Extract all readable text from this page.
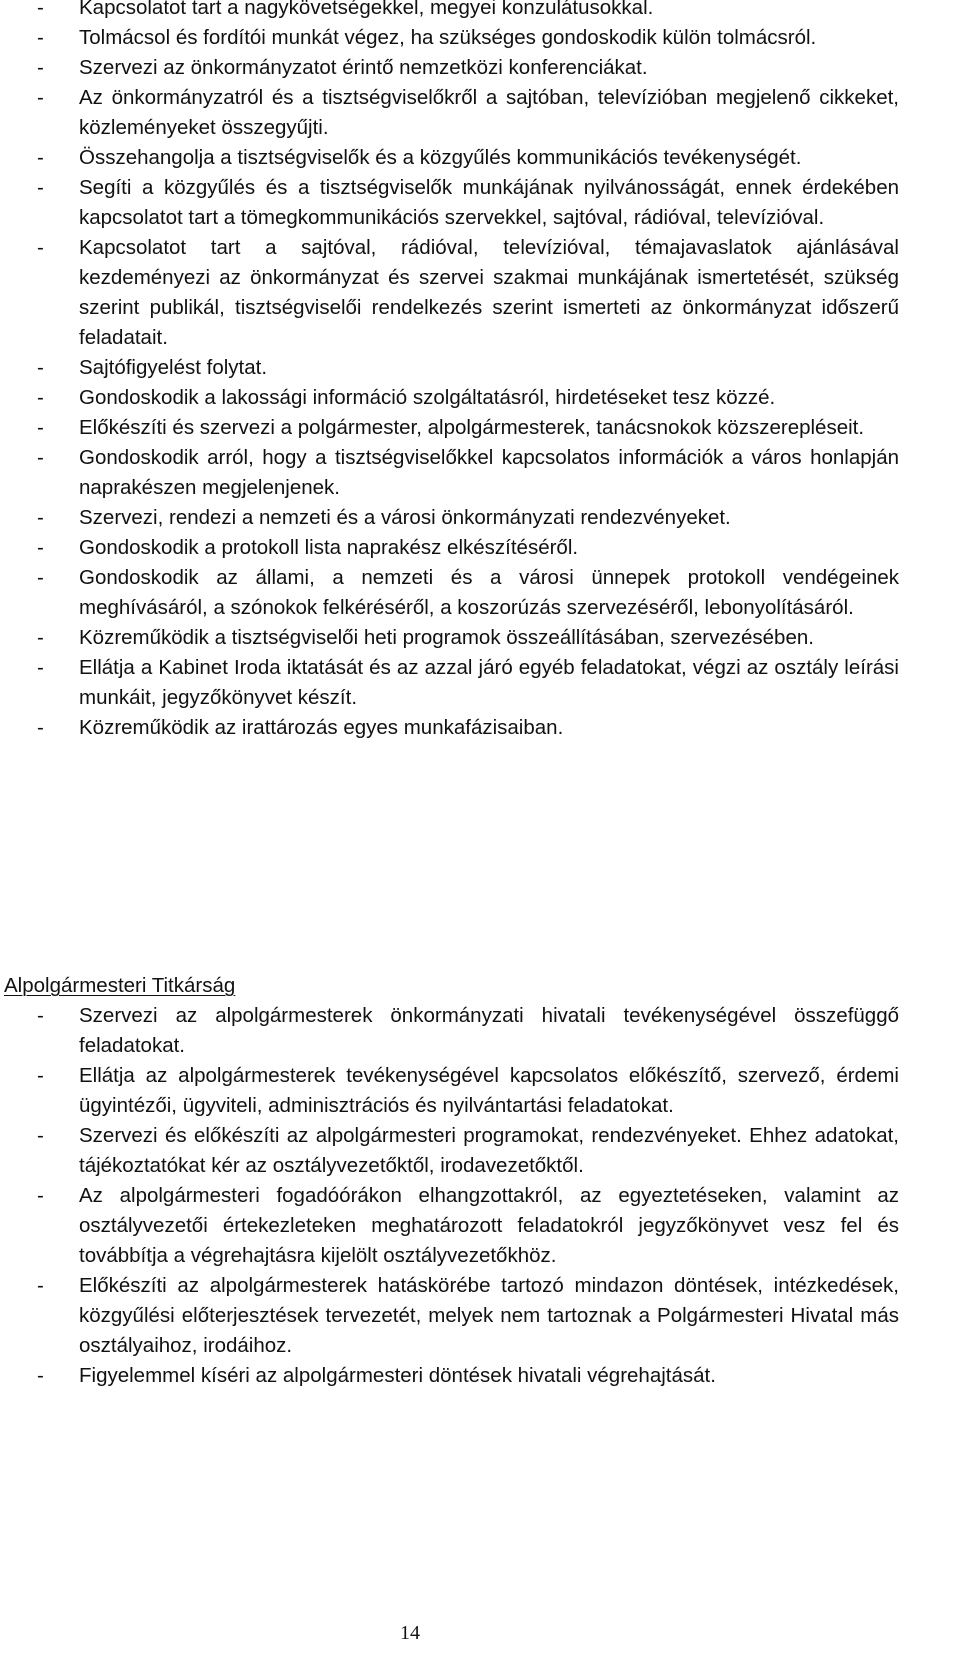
- Kapcsolatot tart a nagykövetségekkel, megyei konzulátusokkal.
- Tolmácsol és fordítói munkát végez, ha szükséges gondoskodik külön tolmácsról.
- Szervezi az önkormányzatot érintő nemzetközi konferenciákat.
- Az önkormányzatról és a tisztségviselőkről a sajtóban, televízióban megjelenő cikkeket, közleményeket összegyűjti.
- Összehangolja a tisztségviselők és a közgyűlés kommunikációs tevékenységét.
- Segíti a közgyűlés és a tisztségviselők munkájának nyilvánosságát, ennek érdekében kapcsolatot tart a tömegkommunikációs szervekkel, sajtóval, rádióval, televízióval.
- Kapcsolatot tart a sajtóval, rádióval, televízióval, témajavaslatok ajánlásával kezdeményezi az önkormányzat és szervei szakmai munkájának ismertetését, szükség szerint publikál, tisztségviselői rendelkezés szerint ismerteti az önkormányzat időszerű feladatait.
- Sajtófigyelést folytat.
- Gondoskodik a lakossági információ szolgáltatásról, hirdetéseket tesz közzé.
- Előkészíti és szervezi a polgármester, alpolgármesterek, tanácsnokok közszerepléseit.
- Gondoskodik arról, hogy a tisztségviselőkkel kapcsolatos információk a város honlapján naprakészen megjelenjenek.
- Szervezi, rendezi a nemzeti és a városi önkormányzati rendezvényeket.
- Gondoskodik a protokoll lista naprakész elkészítéséről.
- Gondoskodik az állami, a nemzeti és a városi ünnepek protokoll vendégeinek meghívásáról, a szónokok felkéréséről, a koszorúzás szervezéséről, lebonyolításáról.
- Közreműködik a tisztségviselői heti programok összeállításában, szervezésében.
- Ellátja a Kabinet Iroda iktatását és az azzal járó egyéb feladatokat, végzi az osztály leírási munkáit, jegyzőkönyvet készít.
- Közreműködik az irattározás egyes munkafázisaiban.
Alpolgármesteri Titkárság
- Szervezi az alpolgármesterek önkormányzati hivatali tevékenységével összefüggő feladatokat.
- Ellátja az alpolgármesterek tevékenységével kapcsolatos előkészítő, szervező, érdemi ügyintézői, ügyviteli, adminisztrációs és nyilvántartási feladatokat.
- Szervezi és előkészíti az alpolgármesteri programokat, rendezvényeket. Ehhez adatokat, tájékoztatókat kér az osztályvezetőktől, irodavezetőktől.
- Az alpolgármesteri fogadóórákon elhangzottakról, az egyeztetéseken, valamint az osztályvezetői értekezleteken meghatározott feladatokról jegyzőkönyvet vesz fel és továbbítja a végrehajtásra kijelölt osztályvezetőkhöz.
- Előkészíti az alpolgármesterek hatáskörébe tartozó mindazon döntések, intézkedések, közgyűlési előterjesztések tervezetét, melyek nem tartoznak a Polgármesteri Hivatal más osztályaihoz, irodáihoz.
- Figyelemmel kíséri az alpolgármesteri döntések hivatali végrehajtását.
14
